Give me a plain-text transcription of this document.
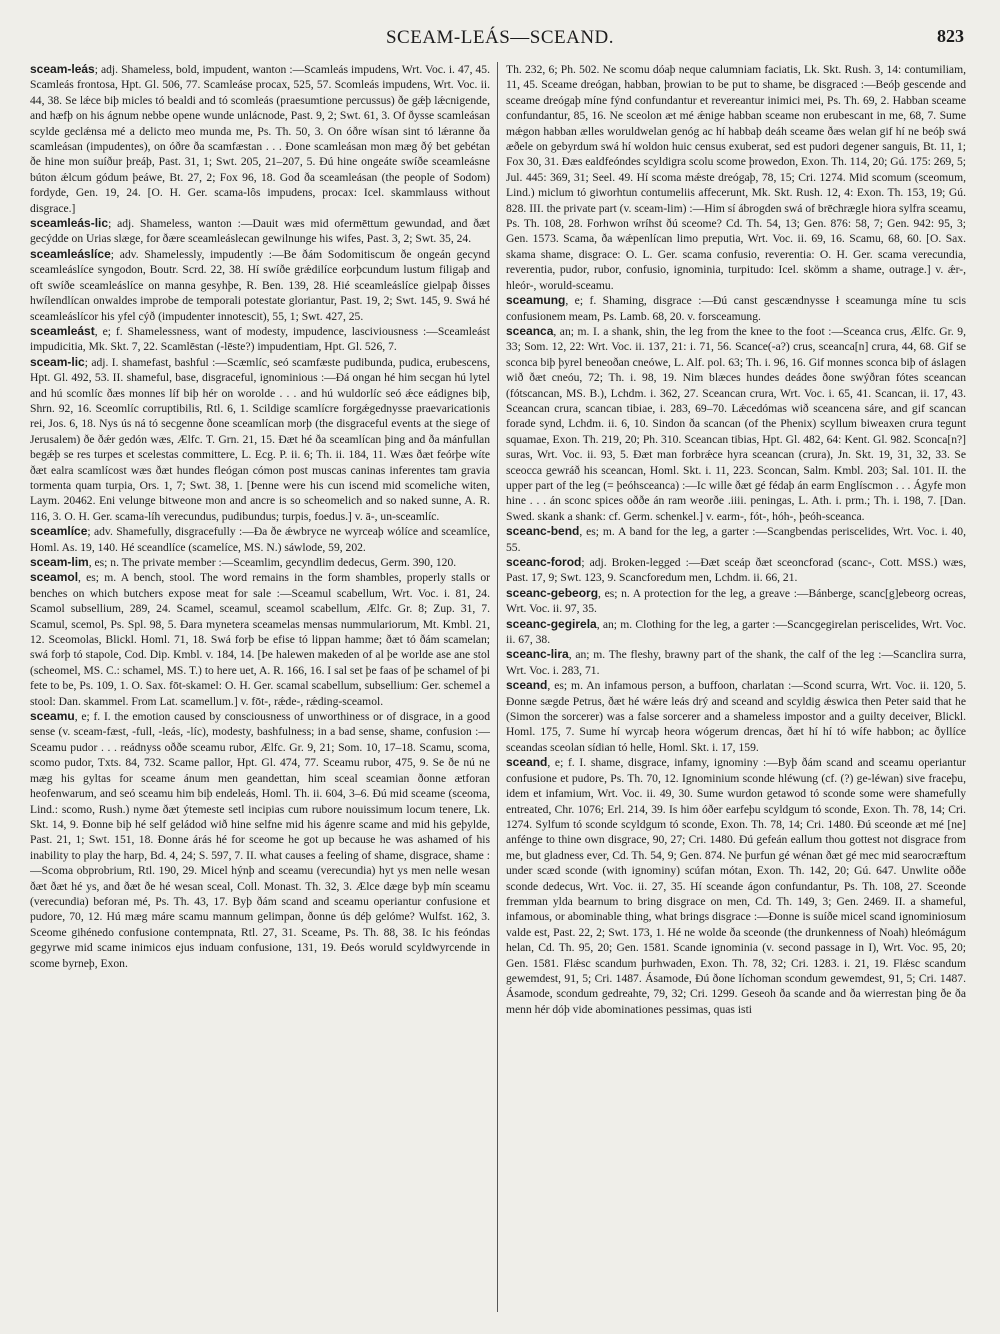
SCEAM-LEÁS—SCEAND.	823

sceam-leás; adj. Shameless, bold, impudent, wanton :—Scamleás impudens, Wrt. Voc. i. 47, 45. Scamleás frontosa, Hpt. Gl. 506, 77. Scamleáse procax, 525, 57. Scomleás impudens, Wrt. Voc. ii. 44, 38. Se lǽce biþ micles tó bealdi and tó scomleás (praesumtione percussus) ðe gǽþ lǽcnigende, and hæfþ on his ágnum nebbe opene wunde unlácnode, Past. 9, 2; Swt. 61, 3. Of ðysse scamleásan scylde geclǽnsa mé a delicto meo munda me, Ps. Th. 50, 3. On óðre wísan sint tó lǽranne ða scamleásan (impudentes), on óðre ða scamfæstan . . . Ðone scamleásan mon mæg ðý bet gebétan ðe hine mon suíður þreáþ, Past. 31, 1; Swt. 205, 21–207, 5. Ðú hine ongeáte swíðe sceamleásne búton ǽlcum gódum þeáwe, Bt. 27, 2; Fox 96, 18. God ða sceamleásan (the people of Sodom) fordyde, Gen. 19, 24. [O. H. Ger. scama-lôs impudens, procax: Icel. skammlauss without disgrace.]

sceamleás-lic; adj. Shameless, wanton :—Dauit wæs mid ofermēttum gewundad, and ðæt gecýdde on Urias slæge, for ðære sceamleáslecan gewilnunge his wifes, Past. 3, 2; Swt. 35, 24.

sceamleáslíce; adv. Shamelessly, impudently :—Be ðám Sodomitiscum ðe ongeán gecynd sceamleáslíce syngodon, Boutr. Scrd. 22, 38. Hí swíðe grǽdilíce eorþcundum lustum filigaþ and oft swíðe sceamleáslíce on manna gesyhþe, R. Ben. 139, 28. Hié sceamleáslíce gielpaþ ðisses hwílendlícan onwaldes improbe de temporali potestate gloriantur, Past. 19, 2; Swt. 145, 9. Swá hé sceamleáslícor his yfel cýð (impudenter innotescit), 55, 1; Swt. 427, 25.

sceamleást, e; f. Shamelessness, want of modesty, impudence, lasciviousness :—Sceamleást impudicitia, Mk. Skt. 7, 22. Scamlēstan (-lēste?) impudentiam, Hpt. Gl. 526, 7.

sceam-lic; adj. I. shamefast, bashful :—Scæmlíc, seó scamfæste pudibunda, pudica, erubescens, Hpt. Gl. 492, 53. II. shameful, base, disgraceful, ignominious :—Ðá ongan hé him secgan hú lytel and hú scomlíc ðæs monnes líf biþ hér on worolde . . . and hú wuldorlíc seó ǽce eádignes biþ, Shrn. 92, 16. Sceomlíc corruptibilis, Rtl. 6, 1. Scildige scamlícre forgǽgednysse praevaricationis rei, Jos. 6, 18. Nys ús ná tó secgenne ðone sceamlícan morþ (the disgraceful events at the siege of Jerusalem) ðe ðǽr gedón wæs, Ælfc. T. Grn. 21, 15. Ðæt hé ða sceamlícan þing and ða mánfullan begǽþ se res turpes et scelestas committere, L. Ecg. P. ii. 6; Th. ii. 184, 11. Wæs ðæt feórþe wíte ðæt ealra scamlícost wæs ðæt hundes fleógan cómon post muscas caninas inferentes tam gravia tormenta quam turpia, Ors. 1, 7; Swt. 38, 1. [Þenne were his cun iscend mid scomeliche witen, Laym. 20462. Eni velunge bitweone mon and ancre is so scheomelich and so naked sunne, A. R. 116, 3. O. H. Ger. scama-líh verecundus, pudibundus; turpis, foedus.] v. ā-, un-sceamlíc.

sceamlíce; adv. Shamefully, disgracefully :—Ða ðe ǽwbryce ne wyrceaþ wólíce and sceamlíce, Homl. As. 19, 140. Hé sceandlíce (scamelíce, MS. N.) sáwlode, 59, 202.

sceam-lim, es; n. The private member :—Sceamlim, gecyndlim dedecus, Germ. 390, 120.

sceamol, es; m. A bench, stool. The word remains in the form shambles, properly stalls or benches on which butchers expose meat for sale :—Sceamul scabellum, Wrt. Voc. i. 81, 24. Scamol subsellium, 289, 24. Scamel, sceamul, sceamol scabellum, Ælfc. Gr. 8; Zup. 31, 7. Scamul, scemol, Ps. Spl. 98, 5. Ðara mynetera sceamelas mensas nummulariorum, Mt. Kmbl. 21, 12. Sceomolas, Blickl. Homl. 71, 18. Swá forþ be efise tó lippan hamme; ðæt tó ðám scamelan; swá forþ tó stapole, Cod. Dip. Kmbl. v. 184, 14. [Þe halewen makeden of al þe worlde ase ane stol (scheomel, MS. C.: schamel, MS. T.) to here uet, A. R. 166, 16. I sal set þe faas of þe schamel of þi fete to be, Ps. 109, 1. O. Sax. fōt-skamel: O. H. Ger. scamal scabellum, subsellium: Ger. schemel a stool: Dan. skammel. From Lat. scamellum.] v. fōt-, rǽde-, rǽding-sceamol.

sceamu, e; f. I. the emotion caused by consciousness of unworthiness or of disgrace, in a good sense (v. sceam-fæst, -full, -leás, -líc), modesty, bashfulness; in a bad sense, shame, confusion :—Sceamu pudor . . . reádnyss oððe sceamu rubor, Ælfc. Gr. 9, 21; Som. 10, 17–18. Scamu, scoma, scomo pudor, Txts. 84, 732. Scame pallor, Hpt. Gl. 474, 77. Sceamu rubor, 475, 9. Se ðe nú ne mæg his gyltas for sceame ánum men geandettan, him sceal sceamian ðonne ætforan heofenwarum, and seó sceamu him biþ endeleás, Homl. Th. ii. 604, 3–6. Ðú mid sceame (sceoma, Lind.: scomo, Rush.) nyme ðæt ýtemeste setl incipias cum rubore nouissimum locum tenere, Lk. Skt. 14, 9. Ðonne biþ hé self geládod wið hine selfne mid his ágenre scame and mid his geþylde, Past. 21, 1; Swt. 151, 18. Ðonne árás hé for sceome he got up because he was ashamed of his inability to play the harp, Bd. 4, 24; S. 597, 7. II. what causes a feeling of shame, disgrace, shame :—Scoma obprobrium, Rtl. 190, 29. Micel hýnþ and sceamu (verecundia) hyt ys men nelle wesan ðæt ðæt hé ys, and ðæt ðe hé wesan sceal, Coll. Monast. Th. 32, 3. Ælce dæge byþ mín sceamu (verecundia) beforan mé, Ps. Th. 43, 17. Byþ ðám scand and sceamu operiantur confusione et pudore, 70, 12. Hú mæg máre scamu mannum gelimpan, ðonne ús déþ gelóme? Wulfst. 162, 3. Sceome gihénedo confusione contempnata, Rtl. 27, 31. Sceame, Ps. Th. 88, 38. Ic his feóndas gegyrwe mid scame inimicos ejus induam confusione, 131, 19. Ðeós woruld scyldwyrcende in scome byrneþ, Exon.

Th. 232, 6; Ph. 502. Ne scomu dóaþ neque calumniam faciatis, Lk. Skt. Rush. 3, 14: contumiliam, 11, 45. Sceame dreógan, habban, þrowian to be put to shame, be disgraced :—Beóþ gescende and sceame dreógaþ míne fýnd confundantur et revereantur inimici mei, Ps. Th. 69, 2. Habban sceame confundantur, 85, 16. Ne sceolon æt mé ǽnige habban sceame non erubescant in me, 68, 7. Sume mǽgon habban ælles woruldwelan genóg ac hí habbaþ deáh sceame ðæs welan gif hí ne beóþ swá æðele on gebyrdum swá hí woldon huic census exuberat, sed est pudori degener sanguis, Bt. 11, 1; Fox 30, 31. Ðæs ealdfeóndes scyldigra scolu scome þrowedon, Exon. Th. 114, 20; Gú. 175: 269, 5; Jul. 445: 369, 31; Seel. 49. Hí scoma mǽste dreógaþ, 78, 15; Cri. 1274. Mid scomum (sceomum, Lind.) miclum tó giworhtun contumeliis affecerunt, Mk. Skt. Rush. 12, 4: Exon. Th. 153, 19; Gú. 828. III. the private part (v. sceam-lim) :—Him sí ábrogden swá of brēchrægle hiora sylfra sceamu, Ps. Th. 108, 28. Forhwon wríhst ðú sceome? Cd. Th. 54, 13; Gen. 876: 58, 7; Gen. 942: 95, 3; Gen. 1573. Scama, ða wǽpenlícan limo preputia, Wrt. Voc. ii. 69, 16. Scamu, 68, 60. [O. Sax. skama shame, disgrace: O. L. Ger. scama confusio, reverentia: O. H. Ger. scama verecundia, reverentia, pudor, rubor, confusio, ignominia, turpitudo: Icel. skömm a shame, outrage.] v. ǽr-, hleór-, woruld-sceamu.

sceamung, e; f. Shaming, disgrace :—Ðú canst gescændnysse ł sceamunga míne tu scis confusionem meam, Ps. Lamb. 68, 20. v. forsceamung.

sceanca, an; m. I. a shank, shin, the leg from the knee to the foot :—Sceanca crus, Ælfc. Gr. 9, 33; Som. 12, 22: Wrt. Voc. ii. 137, 21: i. 71, 56. Scance(-a?) crus, sceanca[n] crura, 44, 68. Gif se sconca biþ þyrel beneoðan cneówe, L. Alf. pol. 63; Th. i. 96, 16. Gif monnes sconca biþ of áslagen wið ðæt cneóu, 72; Th. i. 98, 19. Nim blæces hundes deádes ðone swýðran fótes sceancan (fótscancan, MS. B.), Lchdm. i. 362, 27. Sceancan crura, Wrt. Voc. i. 65, 41. Scancan, ii. 17, 43. Sceancan crura, scancan tibiae, i. 283, 69–70. Lǽcedómas wið sceancena sáre, and gif scancan forade synd, Lchdm. ii. 6, 10. Sindon ða scancan (of the Phenix) scyllum biweaxen crura tegunt squamae, Exon. Th. 219, 20; Ph. 310. Sceancan tibias, Hpt. Gl. 482, 64: Kent. Gl. 982. Sconca[n?] suras, Wrt. Voc. ii. 93, 5. Ðæt man forbrǽce hyra sceancan (crura), Jn. Skt. 19, 31, 32, 33. Se sceocca gewráð his sceancan, Homl. Skt. i. 11, 223. Sconcan, Salm. Kmbl. 203; Sal. 101. II. the upper part of the leg (= þeóhsceanca) :—Ic wille ðæt gé fédaþ án earm Englíscmon . . . Ágyfe mon hine . . . án sconc spices oððe án ram weorðe .iiii. peningas, L. Ath. i. prm.; Th. i. 198, 7. [Dan. Swed. skank a shank: cf. Germ. schenkel.] v. earm-, fót-, hóh-, þeóh-sceanca.

sceanc-bend, es; m. A band for the leg, a garter :—Scangbendas periscelides, Wrt. Voc. i. 40, 55.

sceanc-forod; adj. Broken-legged :—Ðæt sceáp ðæt sceoncforad (scanc-, Cott. MSS.) wæs, Past. 17, 9; Swt. 123, 9. Scancforedum men, Lchdm. ii. 66, 21.

sceanc-gebeorg, es; n. A protection for the leg, a greave :—Bánberge, scanc[g]ebeorg ocreas, Wrt. Voc. ii. 97, 35.

sceanc-gegirela, an; m. Clothing for the leg, a garter :—Scancgegirelan periscelides, Wrt. Voc. ii. 67, 38.

sceanc-lira, an; m. The fleshy, brawny part of the shank, the calf of the leg :—Scanclira surra, Wrt. Voc. i. 283, 71.

sceand, es; m. An infamous person, a buffoon, charlatan :—Scond scurra, Wrt. Voc. ii. 120, 5. Ðonne sægde Petrus, ðæt hé wǽre leás drý and sceand and scyldig ǽswica then Peter said that he (Simon the sorcerer) was a false sorcerer and a shameless impostor and a guilty deceiver, Blickl. Homl. 175, 7. Sume hí wyrcaþ heora wógerum drencas, ðæt hí hí tó wífe habbon; ac ðyllíce sceandas sceolan sídian tó helle, Homl. Skt. i. 17, 159.

sceand, e; f. I. shame, disgrace, infamy, ignominy :—Byþ ðám scand and sceamu operiantur confusione et pudore, Ps. Th. 70, 12. Ignominium sconde hléwung (cf. (?) ge-léwan) sive fraceþu, idem et infamium, Wrt. Voc. ii. 49, 30. Sume wurdon getawod tó sconde some were shamefully entreated, Chr. 1076; Erl. 214, 39. Is him óðer earfeþu scyldgum tó sconde, Exon. Th. 78, 14; Cri. 1274. Sylfum tó sconde scyldgum tó sconde, Exon. Th. 78, 14; Cri. 1480. Ðú sceonde æt mé [ne] anfénge to thine own disgrace, 90, 27; Cri. 1480. Ðú gefeán eallum thou gottest not disgrace from me, but gladness ever, Cd. Th. 54, 9; Gen. 874. Ne þurfun gé wénan ðæt gé mec mid searocræftum under scæd sconde (with ignominy) scúfan mótan, Exon. Th. 142, 20; Gú. 647. Unwlite oððe sconde dedecus, Wrt. Voc. ii. 27, 35. Hí sceande ágon confundantur, Ps. Th. 108, 27. Sceonde fremman ylda bearnum to bring disgrace on men, Cd. Th. 149, 3; Gen. 2469. II. a shameful, infamous, or abominable thing, what brings disgrace :—Ðonne is suíðe micel scand ignominiosum valde est, Past. 22, 2; Swt. 173, 1. Hé ne wolde ða sceonde (the drunkenness of Noah) hleómágum helan, Cd. Th. 95, 20; Gen. 1581. Scande ignominia (v. second passage in I), Wrt. Voc. 95, 20; Gen. 1581. Flǽsc scandum þurhwaden, Exon. Th. 78, 32; Cri. 1283. i. 21, 19. Flǽsc scandum gewemdest, 91, 5; Cri. 1487. Ásamode, Ðú ðone líchoman scondum gewemdest, 91, 5; Cri. 1487. Ásamode, scondum gedreahte, 79, 32; Cri. 1299. Geseoh ða scande and ða wierrestan þing ðe ða menn hér dóþ vide abominationes pessimas, quas isti
